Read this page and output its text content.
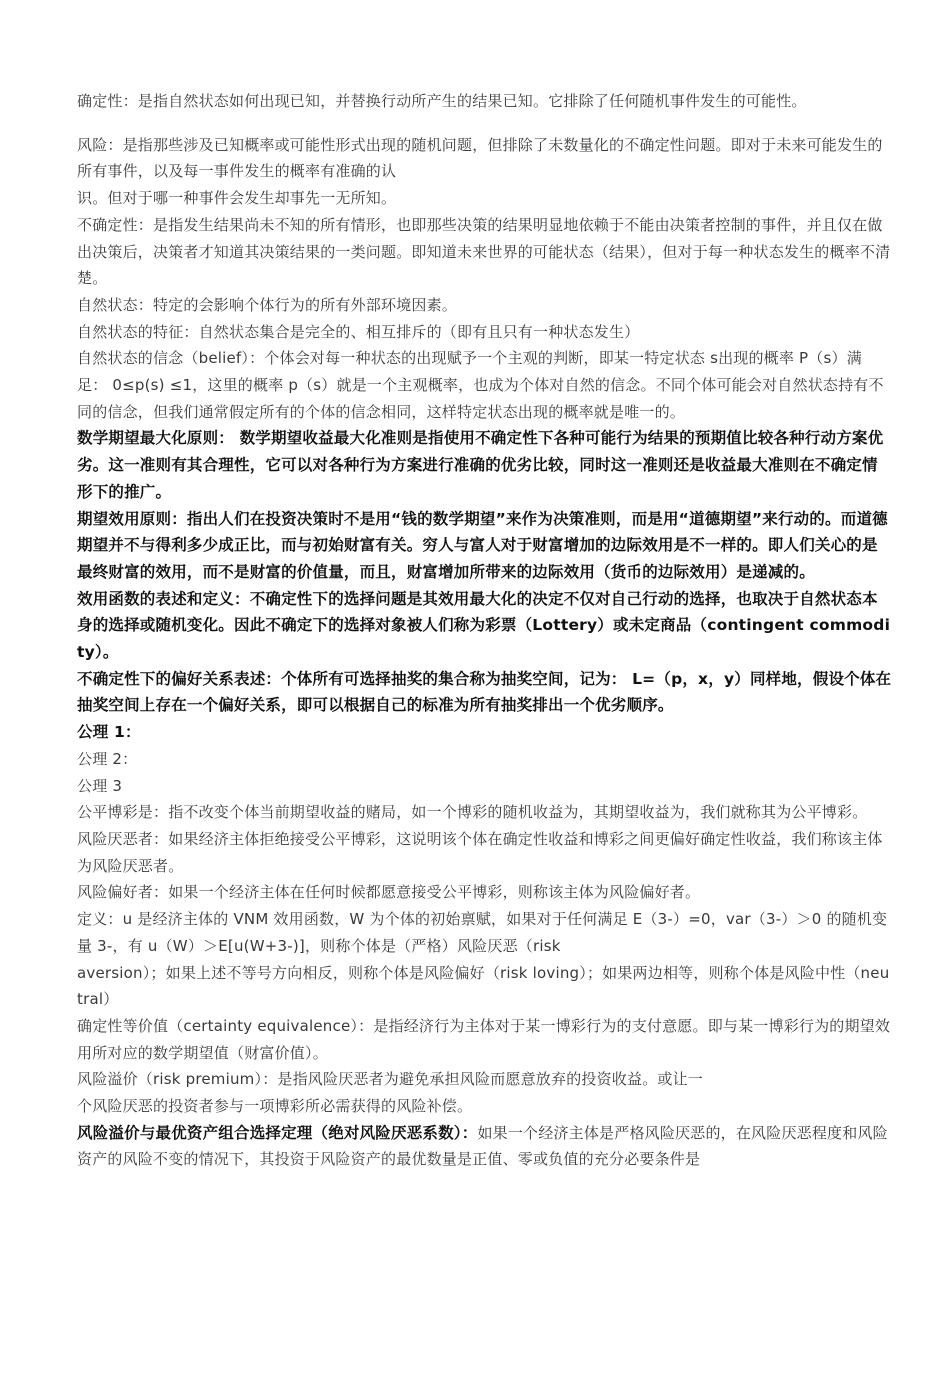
确定性：是指自然状态如何出现已知，并替换行动所产生的结果已知。它排除了任何随机事件发生的可能性。

风险：是指那些涉及已知概率或可能性形式出现的随机问题，但排除了未数量化的不确定性问题。即对于未来可能发生的所有事件，以及每一事件发生的概率有准确的认

识。但对于哪一种事件会发生却事先一无所知。

不确定性：是指发生结果尚未不知的所有情形，也即那些决策的结果明显地依赖于不能由决策者控制的事件，并且仅在做出决策后，决策者才知道其决策结果的一类问题。即知道未来世界的可能状态（结果），但对于每一种状态发生的概率不清楚。

自然状态：特定的会影响个体行为的所有外部环境因素。

自然状态的特征：自然状态集合是完全的、相互排斥的（即有且只有一种状态发生）

自然状态的信念（belief）：个体会对每一种状态的出现赋予一个主观的判断，即某一特定状态 s出现的概率 P（s）满足： 0≤p(s) ≤1，这里的概率 p（s）就是一个主观概率，也成为个体对自然的信念。不同个体可能会对自然状态持有不同的信念，但我们通常假定所有的个体的信念相同，这样特定状态出现的概率就是唯一的。

数学期望最大化原则： 数学期望收益最大化准则是指使用不确定性下各种可能行为结果的预期值比较各种行动方案优劣。这一准则有其合理性，它可以对各种行为方案进行准确的优劣比较，同时这一准则还是收益最大准则在不确定情形下的推广。

期望效用原则：指出人们在投资决策时不是用“钱的数学期望”来作为决策准则，而是用“道德期望”来行动的。而道德期望并不与得利多少成正比，而与初始财富有关。穷人与富人对于财富增加的边际效用是不一样的。即人们关心的是最终财富的效用，而不是财富的价值量，而且，财富增加所带来的边际效用（货币的边际效用）是递减的。

效用函数的表述和定义：不确定性下的选择问题是其效用最大化的决定不仅对自己行动的选择，也取决于自然状态本身的选择或随机变化。因此不确定下的选择对象被人们称为彩票（Lottery）或未定商品（contingent commodity）。

不确定性下的偏好关系表述：个体所有可选择抽奖的集合称为抽奖空间，记为： L=（p，x，y）同样地，假设个体在抽奖空间上存在一个偏好关系，即可以根据自己的标准为所有抽奖排出一个优劣顺序。

公理 1：

公理 2：

公理 3

公平博彩是：指不改变个体当前期望收益的赌局，如一个博彩的随机收益为，其期望收益为，我们就称其为公平博彩。

风险厌恶者：如果经济主体拒绝接受公平博彩，这说明该个体在确定性收益和博彩之间更偏好确定性收益，我们称该主体为风险厌恶者。

风险偏好者：如果一个经济主体在任何时候都愿意接受公平博彩，则称该主体为风险偏好者。

定义：u 是经济主体的 VNM 效用函数，W 为个体的初始禀赋，如果对于任何满足 E（3-）=0，var（3-）＞0 的随机变量 3-，有 u（W）＞E[u(W+3-)]，则称个体是（严格）风险厌恶（risk

aversion）；如果上述不等号方向相反，则称个体是风险偏好（risk loving）；如果两边相等，则称个体是风险中性（neutral）

确定性等价值（certainty equivalence）：是指经济行为主体对于某一博彩行为的支付意愿。即与某一博彩行为的期望效用所对应的数学期望值（财富价值）。

风险溢价（risk premium）：是指风险厌恶者为避免承担风险而愿意放弃的投资收益。或让一

个风险厌恶的投资者参与一项博彩所必需获得的风险补偿。

风险溢价与最优资产组合选择定理（绝对风险厌恶系数）：如果一个经济主体是严格风险厌恶的，在风险厌恶程度和风险资产的风险不变的情况下，其投资于风险资产的最优数量是正值、零或负值的充分必要条件是
